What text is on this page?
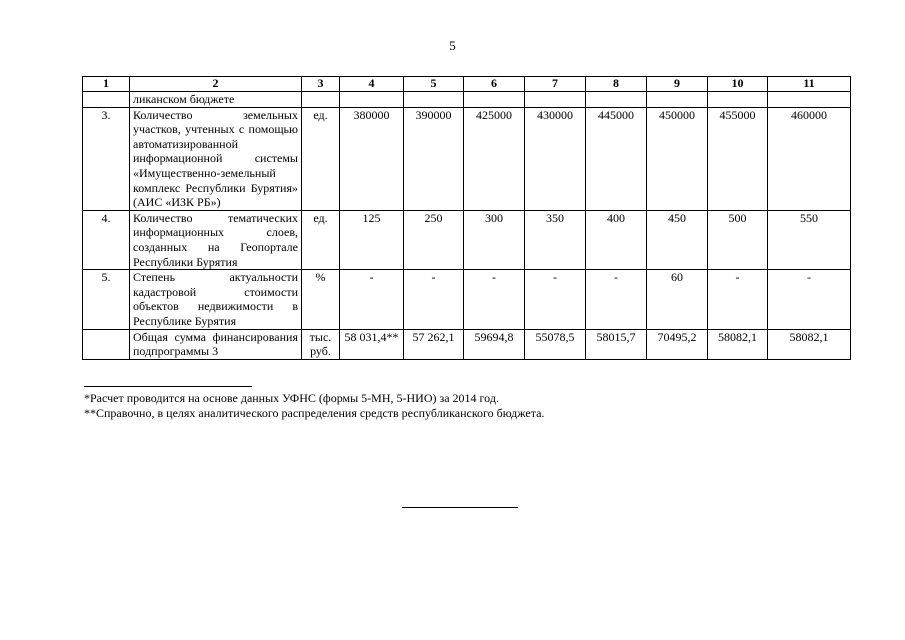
5
1	2	3	4	5	6	7	8	9	10	11
	ликанском бюджете									
3.	Количество земельных участков, учтенных с помощью автоматизированной информационной системы «Имущественно-земельный комплекс Республики Бурятия» (АИС «ИЗК РБ»)	ед.	380000	390000	425000	430000	445000	450000	455000	460000
4.	Количество тематических информационных слоев, созданных на Геопортале Республики Бурятия	ед.	125	250	300	350	400	450	500	550
5.	Степень актуальности кадастровой стоимости объектов недвижимости в Республике Бурятия	%	-	-	-	-	-	60	-	-
	Общая сумма финансирования подпрограммы 3	тыс. руб.	58 031,4**	57 262,1	59694,8	55078,5	58015,7	70495,2	58082,1	58082,1
*Расчет проводится на основе данных УФНС (формы 5-МН, 5-НИО) за 2014 год.
**Справочно, в целях аналитического распределения средств республиканского бюджета.
